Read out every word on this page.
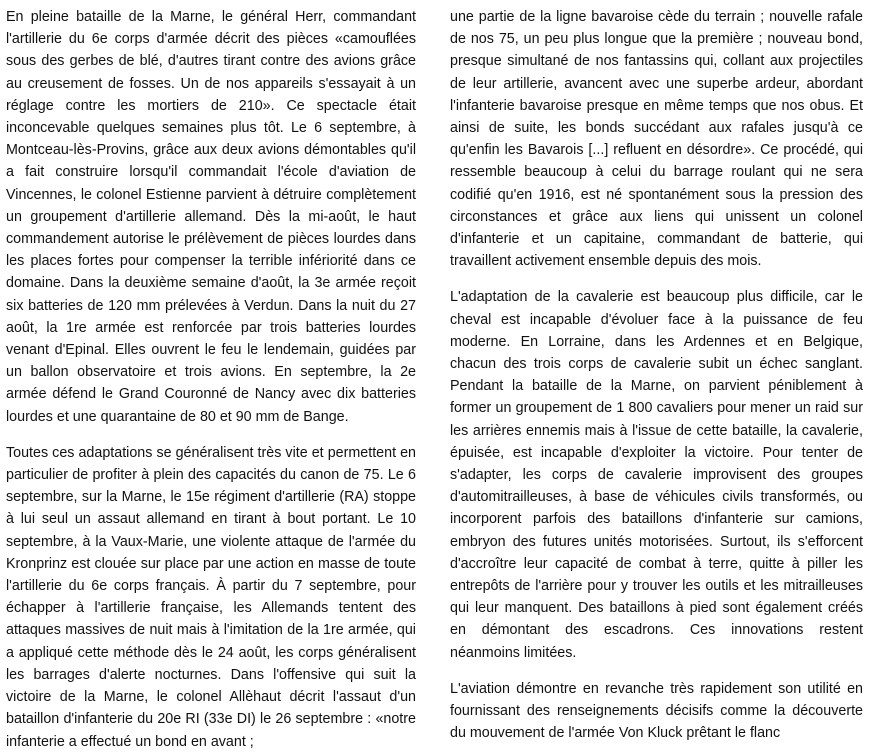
En pleine bataille de la Marne, le général Herr, commandant l'artillerie du 6e corps d'armée décrit des pièces «camouflées sous des gerbes de blé, d'autres tirant contre des avions grâce au creusement de fosses. Un de nos appareils s'essayait à un réglage contre les mortiers de 210». Ce spectacle était inconcevable quelques semaines plus tôt. Le 6 septembre, à Montceau-lès-Provins, grâce aux deux avions démontables qu'il a fait construire lorsqu'il commandait l'école d'aviation de Vincennes, le colonel Estienne parvient à détruire complètement un groupement d'artillerie allemand. Dès la mi-août, le haut commandement autorise le prélèvement de pièces lourdes dans les places fortes pour compenser la terrible infériorité dans ce domaine. Dans la deuxième semaine d'août, la 3e armée reçoit six batteries de 120 mm prélevées à Verdun. Dans la nuit du 27 août, la 1re armée est renforcée par trois batteries lourdes venant d'Epinal. Elles ouvrent le feu le lendemain, guidées par un ballon observatoire et trois avions. En septembre, la 2e armée défend le Grand Couronné de Nancy avec dix batteries lourdes et une quarantaine de 80 et 90 mm de Bange.

Toutes ces adaptations se généralisent très vite et permettent en particulier de profiter à plein des capacités du canon de 75. Le 6 septembre, sur la Marne, le 15e régiment d'artillerie (RA) stoppe à lui seul un assaut allemand en tirant à bout portant. Le 10 septembre, à la Vaux-Marie, une violente attaque de l'armée du Kronprinz est clouée sur place par une action en masse de toute l'artillerie du 6e corps français. À partir du 7 septembre, pour échapper à l'artillerie française, les Allemands tentent des attaques massives de nuit mais à l'imitation de la 1re armée, qui a appliqué cette méthode dès le 24 août, les corps généralisent les barrages d'alerte nocturnes. Dans l'offensive qui suit la victoire de la Marne, le colonel Allèhaut décrit l'assaut d'un bataillon d'infanterie du 20e RI (33e DI) le 26 septembre : «notre infanterie a effectué un bond en avant ;

une partie de la ligne bavaroise cède du terrain ; nouvelle rafale de nos 75, un peu plus longue que la première ; nouveau bond, presque simultané de nos fantassins qui, collant aux projectiles de leur artillerie, avancent avec une superbe ardeur, abordant l'infanterie bavaroise presque en même temps que nos obus. Et ainsi de suite, les bonds succédant aux rafales jusqu'à ce qu'enfin les Bavarois [...] refluent en désordre». Ce procédé, qui ressemble beaucoup à celui du barrage roulant qui ne sera codifié qu'en 1916, est né spontanément sous la pression des circonstances et grâce aux liens qui unissent un colonel d'infanterie et un capitaine, commandant de batterie, qui travaillent activement ensemble depuis des mois.

L'adaptation de la cavalerie est beaucoup plus difficile, car le cheval est incapable d'évoluer face à la puissance de feu moderne. En Lorraine, dans les Ardennes et en Belgique, chacun des trois corps de cavalerie subit un échec sanglant. Pendant la bataille de la Marne, on parvient péniblement à former un groupement de 1 800 cavaliers pour mener un raid sur les arrières ennemis mais à l'issue de cette bataille, la cavalerie, épuisée, est incapable d'exploiter la victoire. Pour tenter de s'adapter, les corps de cavalerie improvisent des groupes d'automitrailleuses, à base de véhicules civils transformés, ou incorporent parfois des bataillons d'infanterie sur camions, embryon des futures unités motorisées. Surtout, ils s'efforcent d'accroître leur capacité de combat à terre, quitte à piller les entrepôts de l'arrière pour y trouver les outils et les mitrailleuses qui leur manquent. Des bataillons à pied sont également créés en démontant des escadrons. Ces innovations restent néanmoins limitées.

L'aviation démontre en revanche très rapidement son utilité en fournissant des renseignements décisifs comme la découverte du mouvement de l'armée Von Kluck prêtant le flanc
